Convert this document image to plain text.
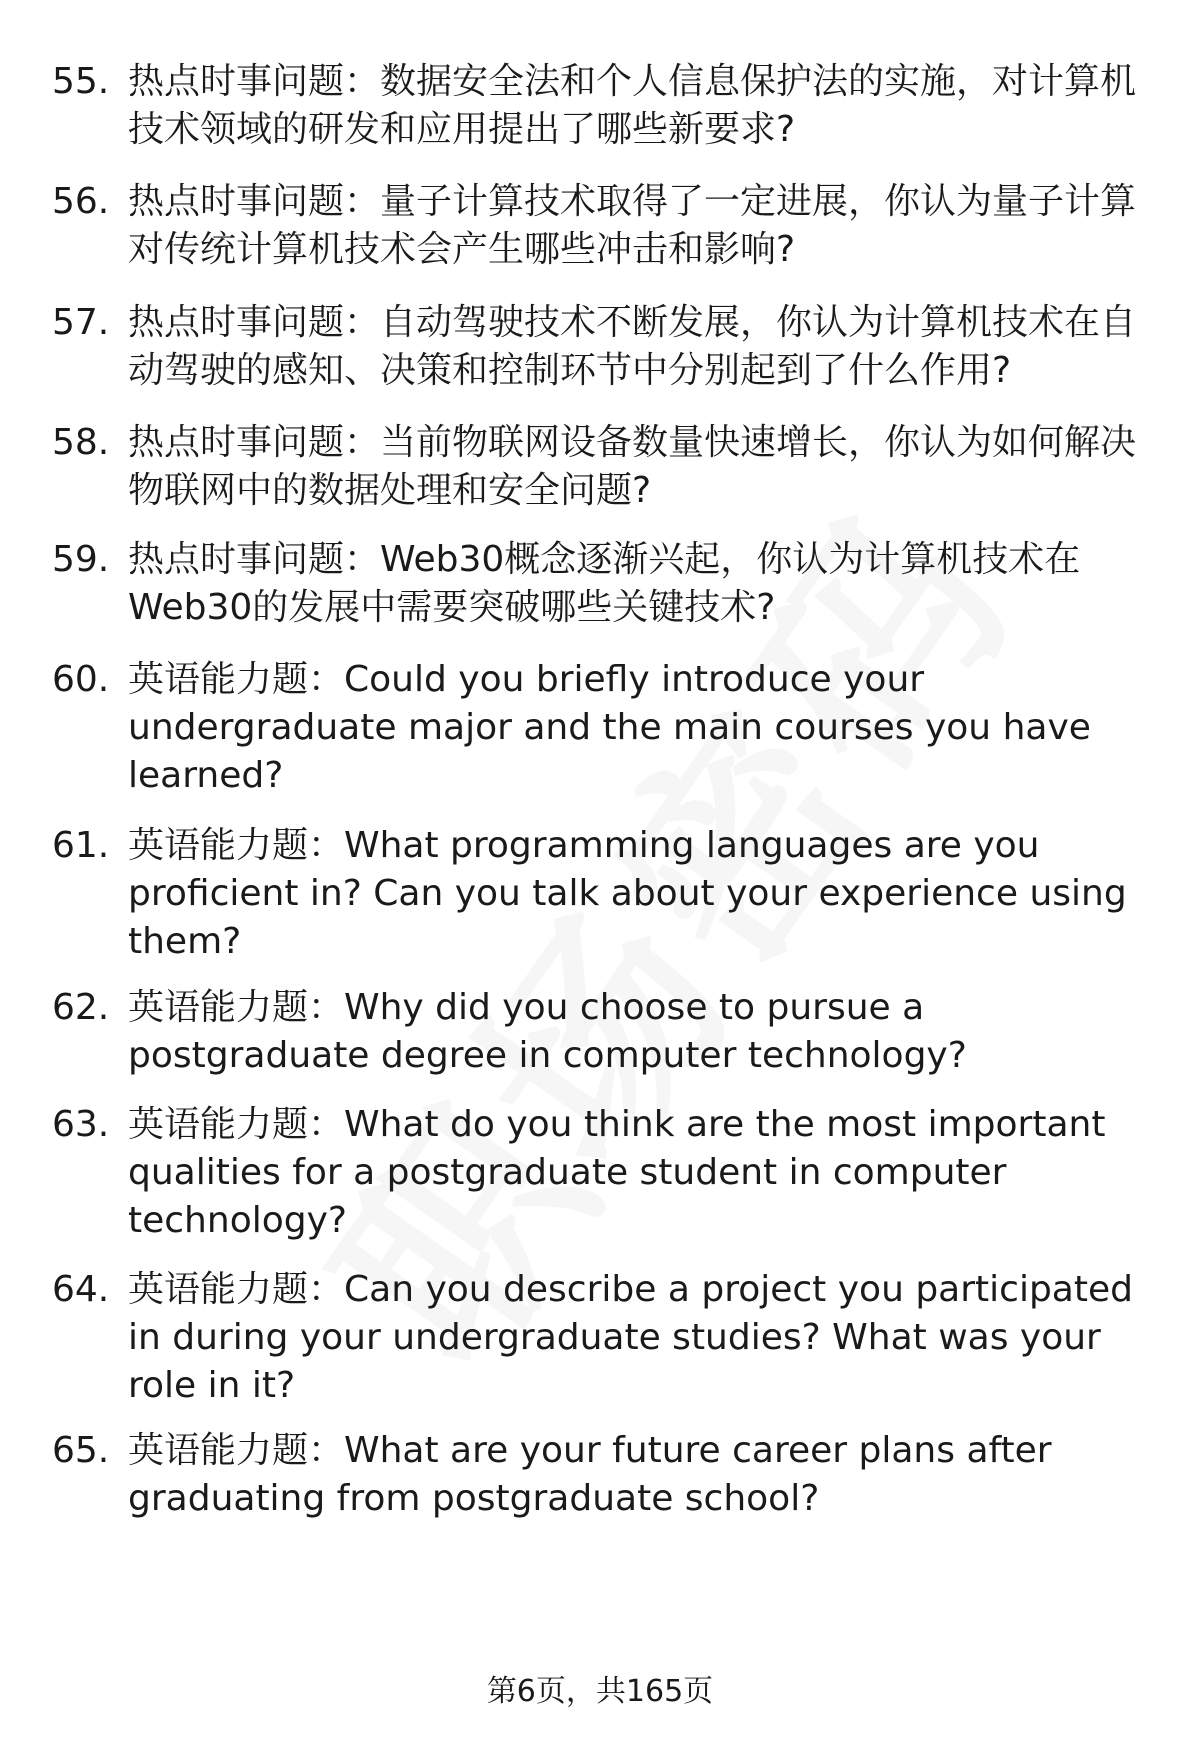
55. 热点时事问题：数据安全法和个人信息保护法的实施，对计算机技术领域的研发和应用提出了哪些新要求?
56. 热点时事问题：量子计算技术取得了一定进展，你认为量子计算对传统计算机技术会产生哪些冲击和影响?
57. 热点时事问题：自动驾驶技术不断发展，你认为计算机技术在自动驾驶的感知、决策和控制环节中分别起到了什么作用?
58. 热点时事问题：当前物联网设备数量快速增长，你认为如何解决物联网中的数据处理和安全问题?
59. 热点时事问题：Web30概念逐渐兴起，你认为计算机技术在Web30的发展中需要突破哪些关键技术?
60. 英语能力题：Could you briefly introduce your undergraduate major and the main courses you have learned?
61. 英语能力题：What programming languages are you proficient in? Can you talk about your experience using them?
62. 英语能力题：Why did you choose to pursue a postgraduate degree in computer technology?
63. 英语能力题：What do you think are the most important qualities for a postgraduate student in computer technology?
64. 英语能力题：Can you describe a project you participated in during your undergraduate studies? What was your role in it?
65. 英语能力题：What are your future career plans after graduating from postgraduate school?
第6页，共165页
